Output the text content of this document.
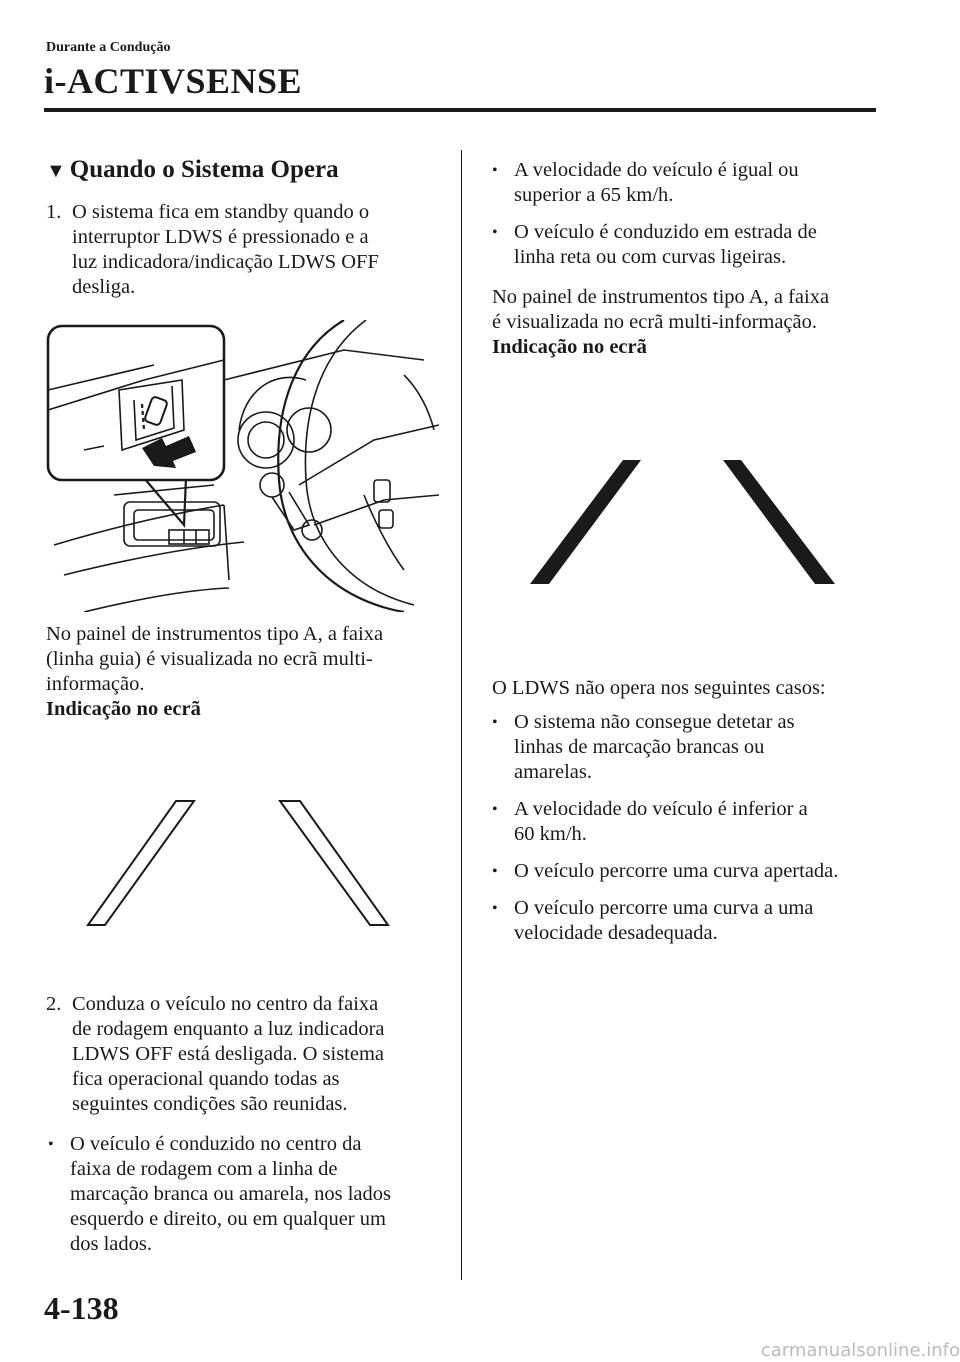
Durante a Condução
i-ACTIVSENSE
▼ Quando o Sistema Opera
1. O sistema fica em standby quando o
interruptor LDWS é pressionado e a
luz indicadora/indicação LDWS OFF
desliga.
No painel de instrumentos tipo A, a faixa
(linha guia) é visualizada no ecrã multi-
informação.
Indicação no ecrã
2. Conduza o veículo no centro da faixa
de rodagem enquanto a luz indicadora
LDWS OFF está desligada. O sistema
fica operacional quando todas as
seguintes condições são reunidas.
• O veículo é conduzido no centro da
faixa de rodagem com a linha de
marcação branca ou amarela, nos lados
esquerdo e direito, ou em qualquer um
dos lados.
• A velocidade do veículo é igual ou
superior a 65 km/h.
• O veículo é conduzido em estrada de
linha reta ou com curvas ligeiras.
No painel de instrumentos tipo A, a faixa
é visualizada no ecrã multi-informação.
Indicação no ecrã
O LDWS não opera nos seguintes casos:
• O sistema não consegue detetar as
linhas de marcação brancas ou
amarelas.
• A velocidade do veículo é inferior a
60 km/h.
• O veículo percorre uma curva apertada.
• O veículo percorre uma curva a uma
velocidade desadequada.
4-138
carmanualsonline.info
